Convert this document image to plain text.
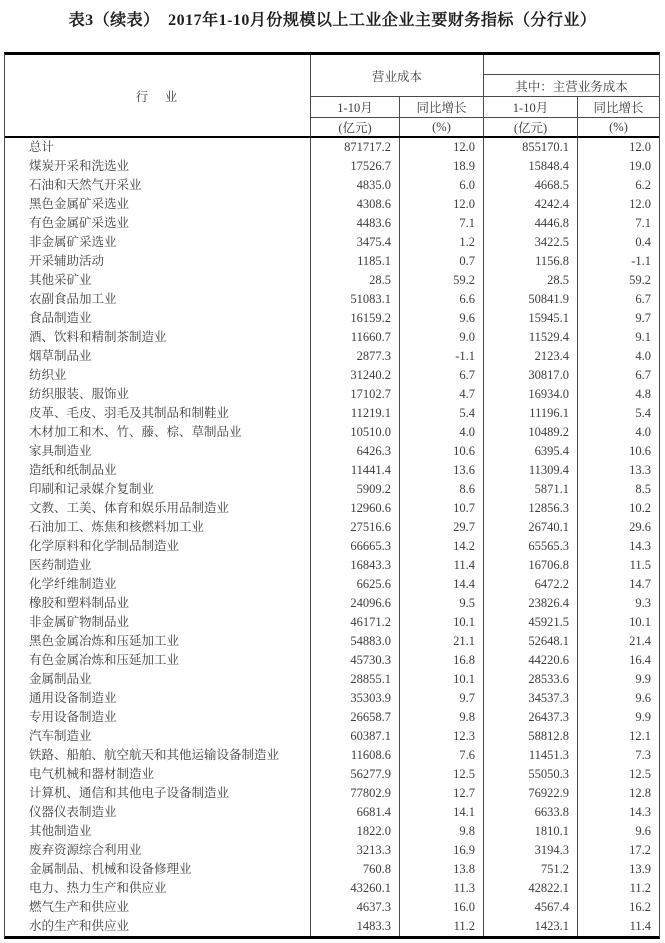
表3（续表）　2017年1-10月份规模以上工业企业主要财务指标（分行业）
行　业
营业成本
其中：主营业务成本
1-10月	同比增长	1-10月	同比增长
(亿元)	(%)	(亿元)	(%)
总计	871717.2	12.0	855170.1	12.0
煤炭开采和洗选业	17526.7	18.9	15848.4	19.0
石油和天然气开采业	4835.0	6.0	4668.5	6.2
黑色金属矿采选业	4308.6	12.0	4242.4	12.0
有色金属矿采选业	4483.6	7.1	4446.8	7.1
非金属矿采选业	3475.4	1.2	3422.5	0.4
开采辅助活动	1185.1	0.7	1156.8	-1.1
其他采矿业	28.5	59.2	28.5	59.2
农副食品加工业	51083.1	6.6	50841.9	6.7
食品制造业	16159.2	9.6	15945.1	9.7
酒、饮料和精制茶制造业	11660.7	9.0	11529.4	9.1
烟草制品业	2877.3	-1.1	2123.4	4.0
纺织业	31240.2	6.7	30817.0	6.7
纺织服装、服饰业	17102.7	4.7	16934.0	4.8
皮革、毛皮、羽毛及其制品和制鞋业	11219.1	5.4	11196.1	5.4
木材加工和木、竹、藤、棕、草制品业	10510.0	4.0	10489.2	4.0
家具制造业	6426.3	10.6	6395.4	10.6
造纸和纸制品业	11441.4	13.6	11309.4	13.3
印刷和记录媒介复制业	5909.2	8.6	5871.1	8.5
文教、工美、体育和娱乐用品制造业	12960.6	10.7	12856.3	10.2
石油加工、炼焦和核燃料加工业	27516.6	29.7	26740.1	29.6
化学原料和化学制品制造业	66665.3	14.2	65565.3	14.3
医药制造业	16843.3	11.4	16706.8	11.5
化学纤维制造业	6625.6	14.4	6472.2	14.7
橡胶和塑料制品业	24096.6	9.5	23826.4	9.3
非金属矿物制品业	46171.2	10.1	45921.5	10.1
黑色金属冶炼和压延加工业	54883.0	21.1	52648.1	21.4
有色金属冶炼和压延加工业	45730.3	16.8	44220.6	16.4
金属制品业	28855.1	10.1	28533.6	9.9
通用设备制造业	35303.9	9.7	34537.3	9.6
专用设备制造业	26658.7	9.8	26437.3	9.9
汽车制造业	60387.1	12.3	58812.8	12.1
铁路、船舶、航空航天和其他运输设备制造业	11608.6	7.6	11451.3	7.3
电气机械和器材制造业	56277.9	12.5	55050.3	12.5
计算机、通信和其他电子设备制造业	77802.9	12.7	76922.9	12.8
仪器仪表制造业	6681.4	14.1	6633.8	14.3
其他制造业	1822.0	9.8	1810.1	9.6
废弃资源综合利用业	3213.3	16.9	3194.3	17.2
金属制品、机械和设备修理业	760.8	13.8	751.2	13.9
电力、热力生产和供应业	43260.1	11.3	42822.1	11.2
燃气生产和供应业	4637.3	16.0	4567.4	16.2
水的生产和供应业	1483.3	11.2	1423.1	11.4
